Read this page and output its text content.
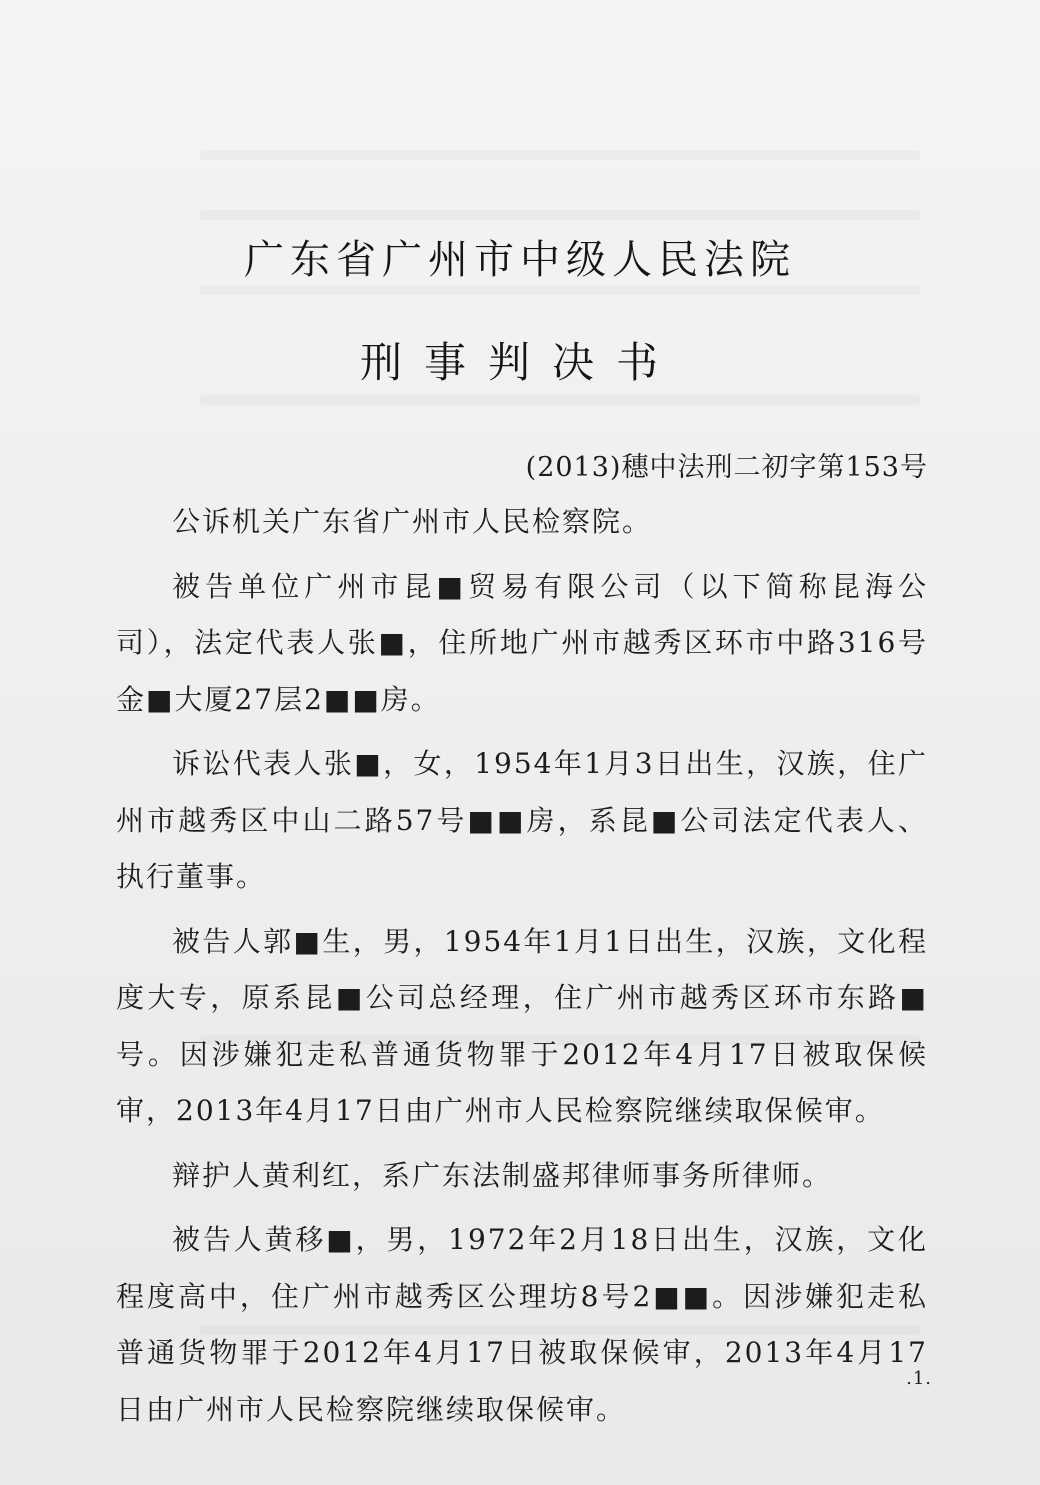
广东省广州市中级人民法院
刑事判决书
(2013)穗中法刑二初字第153号

公诉机关广东省广州市人民检察院。

被告单位广州市昆■贸易有限公司（以下简称昆海公司），法定代表人张■，住所地广州市越秀区环市中路316号金■大厦27层2■■房。

诉讼代表人张■，女，1954年1月3日出生，汉族，住广州市越秀区中山二路57号■■房，系昆■公司法定代表人、执行董事。

被告人郭■生，男，1954年1月1日出生，汉族，文化程度大专，原系昆■公司总经理，住广州市越秀区环市东路■号。因涉嫌犯走私普通货物罪于2012年4月17日被取保候审，2013年4月17日由广州市人民检察院继续取保候审。

辩护人黄利红，系广东法制盛邦律师事务所律师。

被告人黄移■，男，1972年2月18日出生，汉族，文化程度高中，住广州市越秀区公理坊8号2■■。因涉嫌犯走私普通货物罪于2012年4月17日被取保候审，2013年4月17日由广州市人民检察院继续取保候审。

.1.
